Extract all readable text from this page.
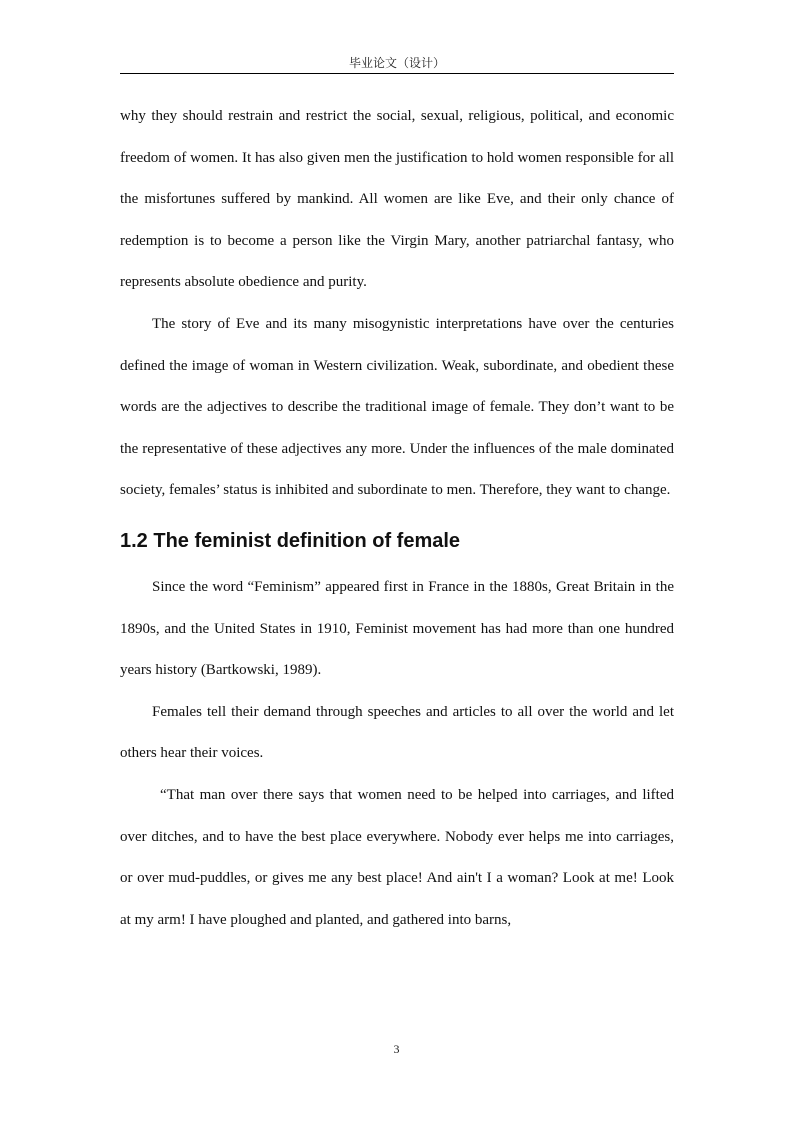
毕业论文（设计）

why they should restrain and restrict the social, sexual, religious, political, and economic freedom of women. It has also given men the justification to hold women responsible for all the misfortunes suffered by mankind. All women are like Eve, and their only chance of redemption is to become a person like the Virgin Mary, another patriarchal fantasy, who represents absolute obedience and purity.

The story of Eve and its many misogynistic interpretations have over the centuries defined the image of woman in Western civilization. Weak, subordinate, and obedient these words are the adjectives to describe the traditional image of female. They don’t want to be the representative of these adjectives any more. Under the influences of the male dominated society, females’ status is inhibited and subordinate to men. Therefore, they want to change.

1.2 The feminist definition of female

Since the word “Feminism” appeared first in France in the 1880s, Great Britain in the 1890s, and the United States in 1910, Feminist movement has had more than one hundred years history (Bartkowski, 1989).

Females tell their demand through speeches and articles to all over the world and let others hear their voices.

“That man over there says that women need to be helped into carriages, and lifted over ditches, and to have the best place everywhere. Nobody ever helps me into carriages, or over mud-puddles, or gives me any best place! And ain't I a woman? Look at me! Look at my arm! I have ploughed and planted, and gathered into barns,

3
